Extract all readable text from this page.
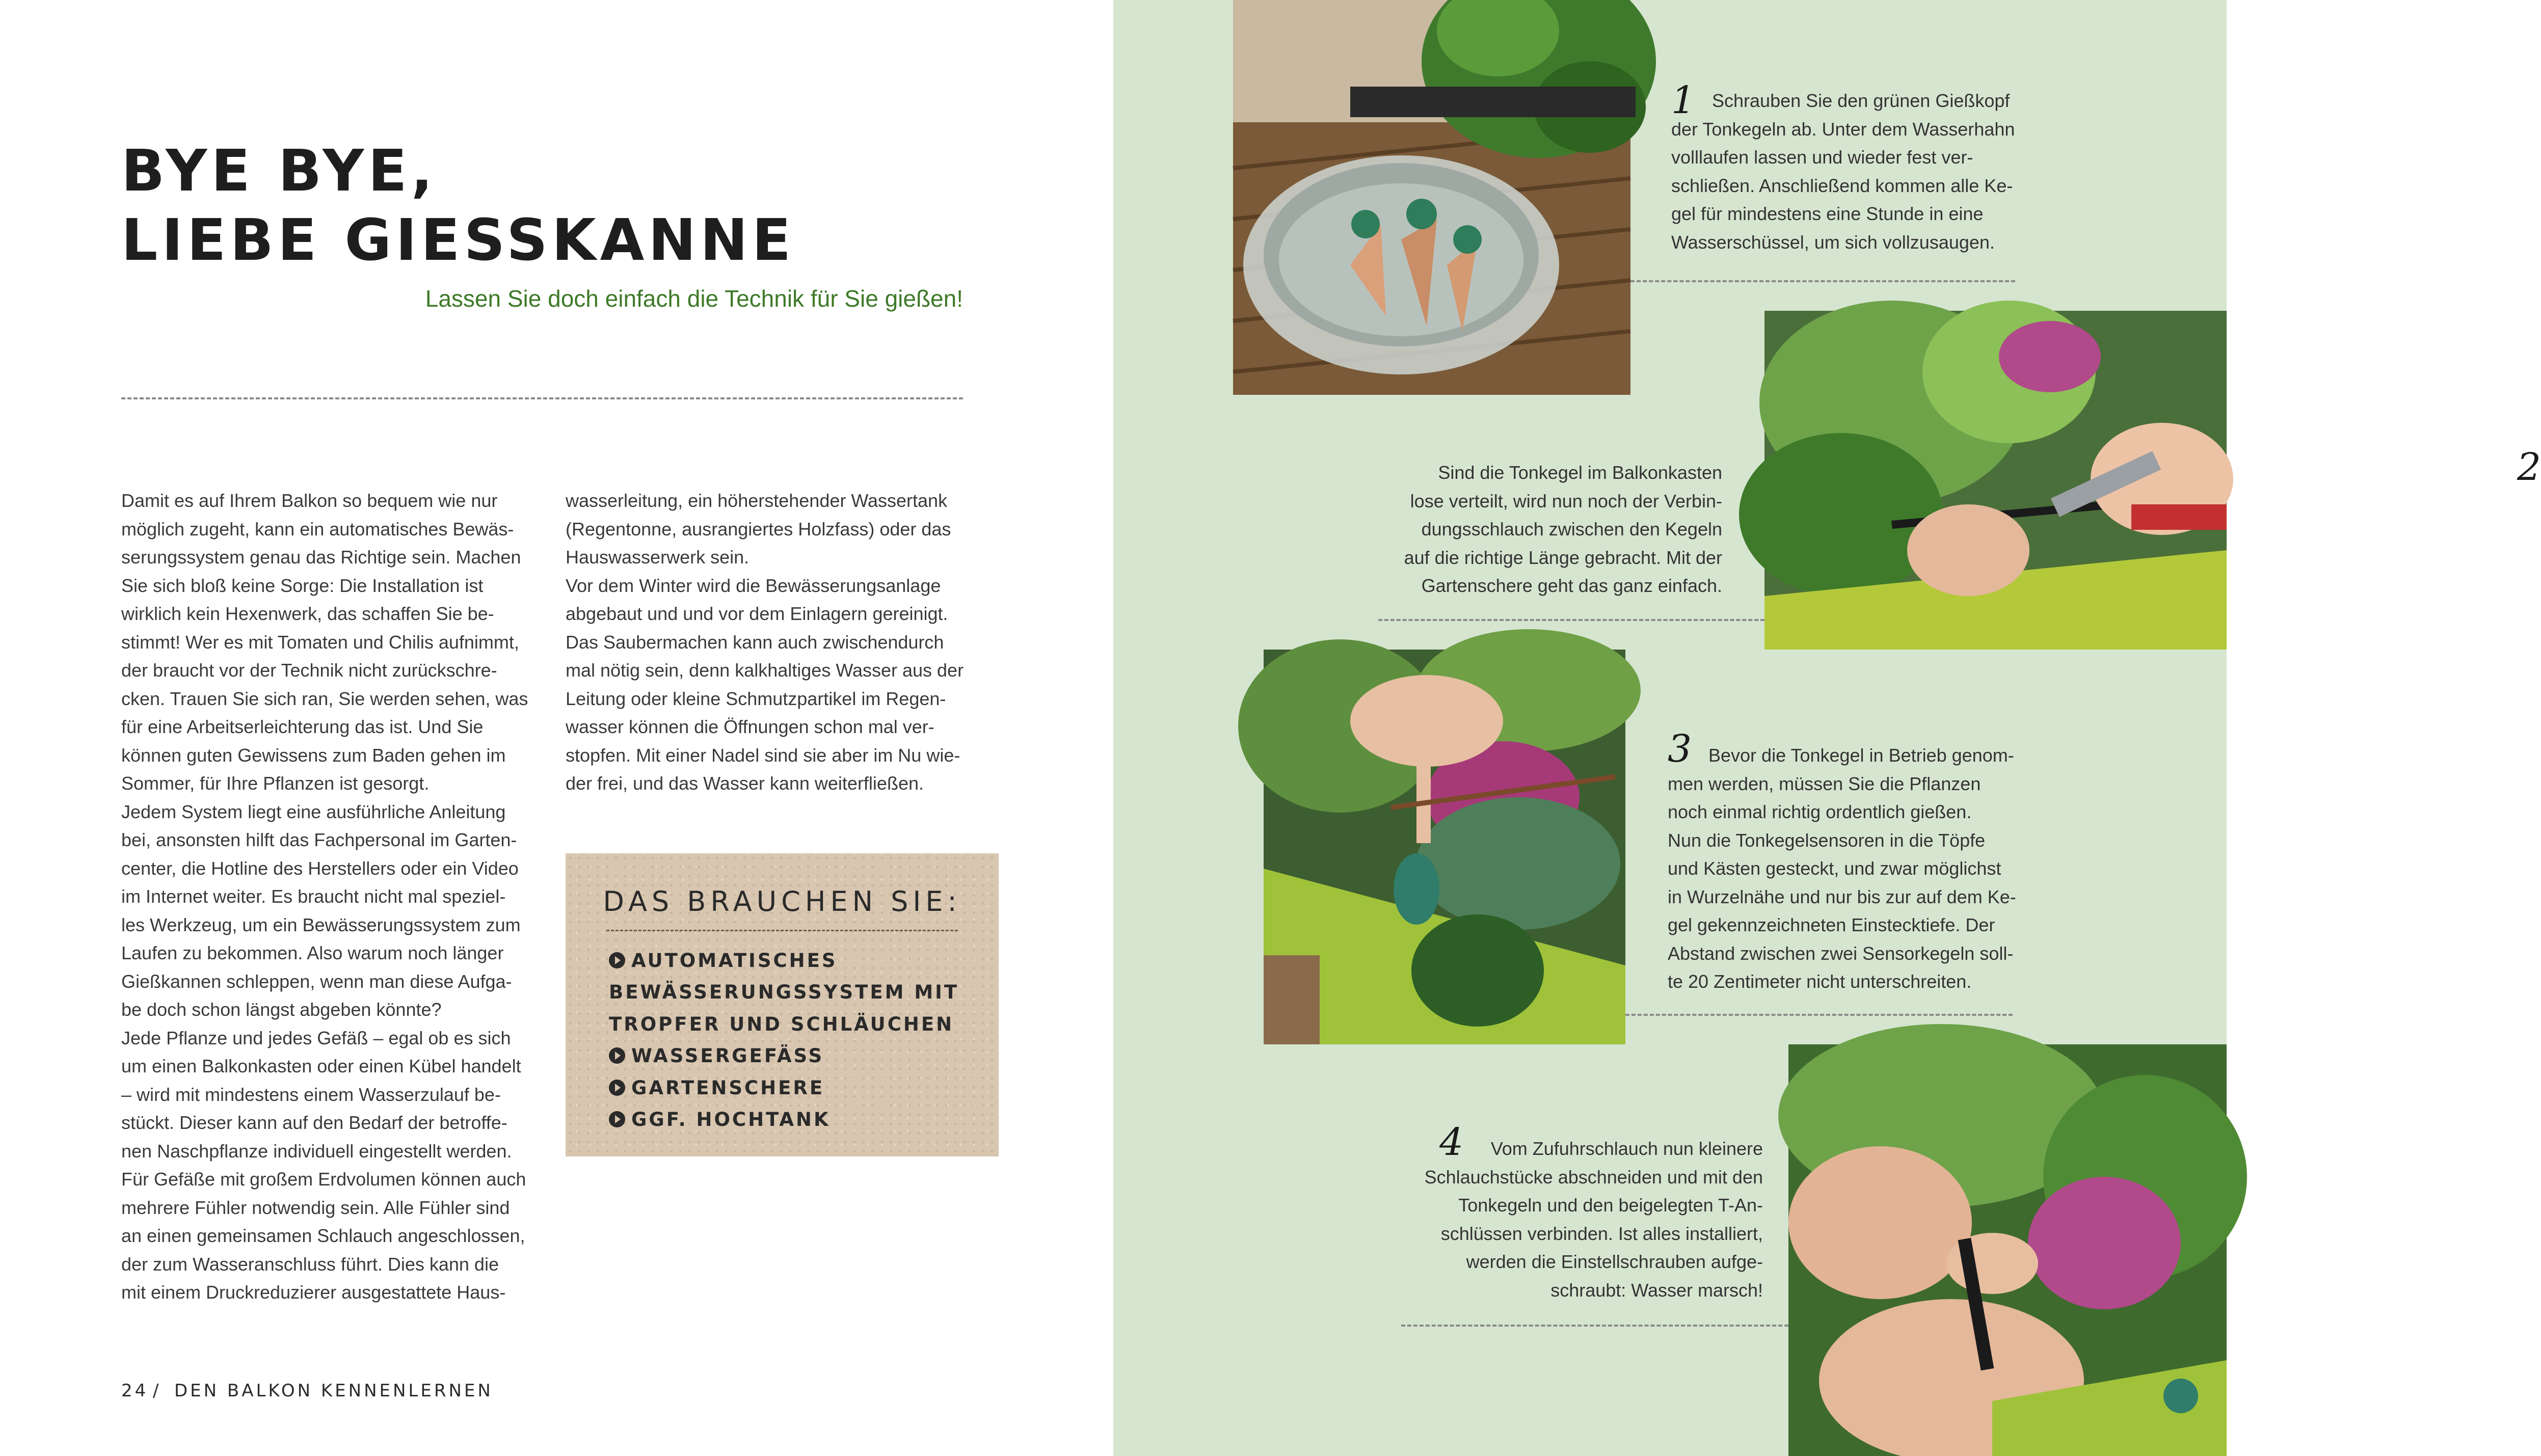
BYE BYE,
LIEBE GIESSKANNE

Lassen Sie doch einfach die Technik für Sie gießen!

Damit es auf Ihrem Balkon so bequem wie nur
möglich zugeht, kann ein automatisches Bewäs-
serungssystem genau das Richtige sein. Machen
Sie sich bloß keine Sorge: Die Installation ist
wirklich kein Hexenwerk, das schaffen Sie be-
stimmt! Wer es mit Tomaten und Chilis aufnimmt,
der braucht vor der Technik nicht zurückschre-
cken. Trauen Sie sich ran, Sie werden sehen, was
für eine Arbeitserleichterung das ist. Und Sie
können guten Gewissens zum Baden gehen im
Sommer, für Ihre Pflanzen ist gesorgt.
Jedem System liegt eine ausführliche Anleitung
bei, ansonsten hilft das Fachpersonal im Garten-
center, die Hotline des Herstellers oder ein Video
im Internet weiter. Es braucht nicht mal speziel-
les Werkzeug, um ein Bewässerungssystem zum
Laufen zu bekommen. Also warum noch länger
Gießkannen schleppen, wenn man diese Aufga-
be doch schon längst abgeben könnte?
Jede Pflanze und jedes Gefäß – egal ob es sich
um einen Balkonkasten oder einen Kübel handelt
– wird mit mindestens einem Wasserzulauf be-
stückt. Dieser kann auf den Bedarf der betroffe-
nen Naschpflanze individuell eingestellt werden.
Für Gefäße mit großem Erdvolumen können auch
mehrere Fühler notwendig sein. Alle Fühler sind
an einen gemeinsamen Schlauch angeschlossen,
der zum Wasseranschluss führt. Dies kann die
mit einem Druckreduzierer ausgestattete Haus-
wasserleitung, ein höherstehender Wassertank
(Regentonne, ausrangiertes Holzfass) oder das
Hauswasserwerk sein.
Vor dem Winter wird die Bewässerungsanlage
abgebaut und und vor dem Einlagern gereinigt.
Das Saubermachen kann auch zwischendurch
mal nötig sein, denn kalkhaltiges Wasser aus der
Leitung oder kleine Schmutzpartikel im Regen-
wasser können die Öffnungen schon mal ver-
stopfen. Mit einer Nadel sind sie aber im Nu wie-
der frei, und das Wasser kann weiterfließen.
DAS BRAUCHEN SIE:
AUTOMATISCHES
BEWÄSSERUNGSSYSTEM MIT
TROPFER UND SCHLÄUCHEN
WASSERGEFÄSS
GARTENSCHERE
GGF. HOCHTANK
24 / DEN BALKON KENNENLERNEN
1 Schrauben Sie den grünen Gießkopf
der Tonkegeln ab. Unter dem Wasserhahn
volllaufen lassen und wieder fest ver-
schließen. Anschließend kommen alle Ke-
gel für mindestens eine Stunde in eine
Wasserschüssel, um sich vollzusaugen.
2
Sind die Tonkegel im Balkonkasten
lose verteilt, wird nun noch der Verbin-
dungsschlauch zwischen den Kegeln
auf die richtige Länge gebracht. Mit der
Gartenschere geht das ganz einfach.
3 Bevor die Tonkegel in Betrieb genom-
men werden, müssen Sie die Pflanzen
noch einmal richtig ordentlich gießen.
Nun die Tonkegelsensoren in die Töpfe
und Kästen gesteckt, und zwar möglichst
in Wurzelnähe und nur bis zur auf dem Ke-
gel gekennzeichneten Einstecktiefe. Der
Abstand zwischen zwei Sensorkegeln soll-
te 20 Zentimeter nicht unterschreiten.
4	Vom Zufuhrschlauch nun kleinere
Schlauchstücke abschneiden und mit den
Tonkegeln und den beigelegten T-An-
schlüssen verbinden. Ist alles installiert,
werden die Einstellschrauben aufge-
schraubt: Wasser marsch!
